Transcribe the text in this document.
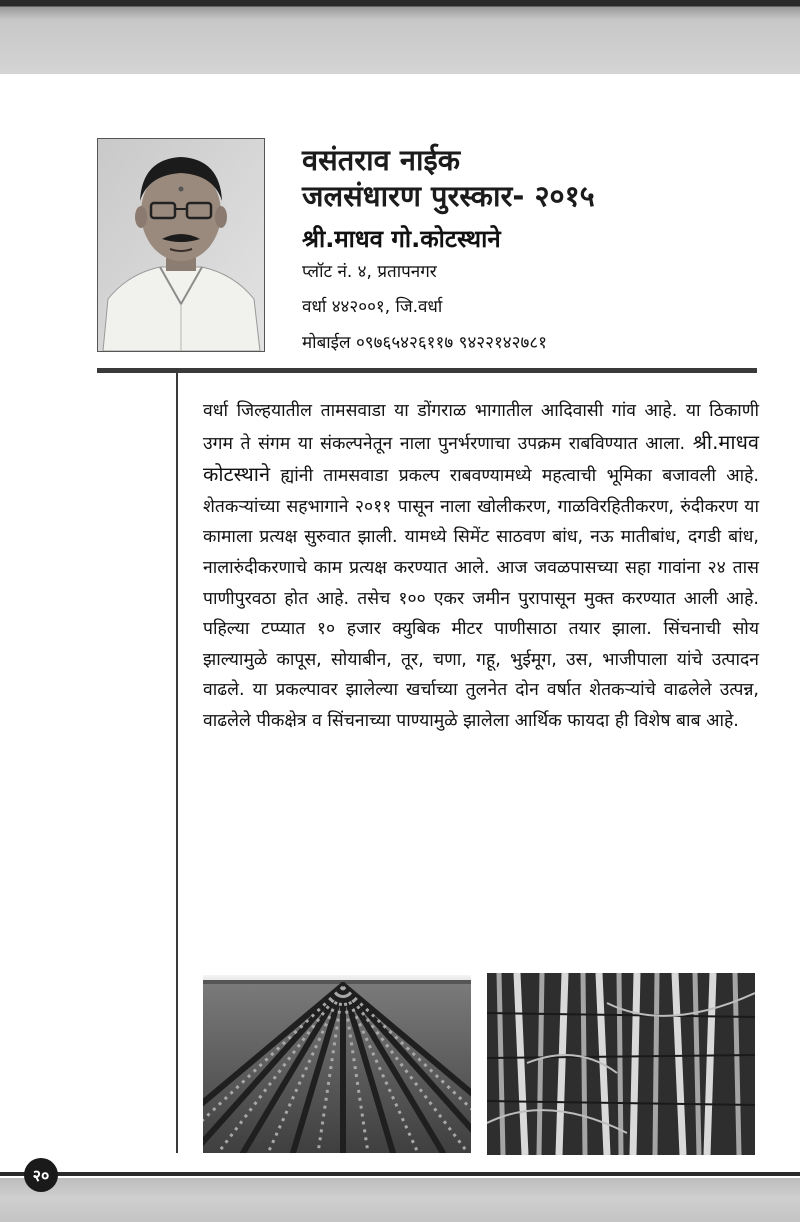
वसंतराव नाईक
जलसंधारण पुरस्कार- २०१५
श्री.माधव गो.कोटस्थाने
प्लॉट नं. ४, प्रतापनगर
वर्धा ४४२००१, जि.वर्धा
मोबाईल ०९७६५४२६११७ ९४२२१४२७८१
वर्धा जिल्हयातील तामसवाडा या डोंगराळ भागातील आदिवासी गांव आहे. या ठिकाणी उगम ते संगम या संकल्पनेतून नाला पुनर्भरणाचा उपक्रम राबविण्यात आला. श्री.माधव कोटस्थाने ह्यांनी तामसवाडा प्रकल्प राबवण्यामध्ये महत्वाची भूमिका बजावली आहे. शेतकऱ्यांच्या सहभागाने २०११ पासून नाला खोलीकरण, गाळविरहितीकरण, रुंदीकरण या कामाला प्रत्यक्ष सुरुवात झाली. यामध्ये सिमेंट साठवण बांध, नऊ मातीबांध, दगडी बांध, नालारुंदीकरणाचे काम प्रत्यक्ष करण्यात आले. आज जवळपासच्या सहा गावांना २४ तास पाणीपुरवठा होत आहे. तसेच १०० एकर जमीन पुरापासून मुक्त करण्यात आली आहे. पहिल्या टप्प्यात १० हजार क्युबिक मीटर पाणीसाठा तयार झाला. सिंचनाची सोय झाल्यामुळे कापूस, सोयाबीन, तूर, चणा, गहू, भुईमूग, उस, भाजीपाला यांचे उत्पादन वाढले. या प्रकल्पावर झालेल्या खर्चाच्या तुलनेत दोन वर्षात शेतकऱ्यांचे वाढलेले उत्पन्न, वाढलेले पीकक्षेत्र व सिंचनाच्या पाण्यामुळे झालेला आर्थिक फायदा ही विशेष बाब आहे.
२०
